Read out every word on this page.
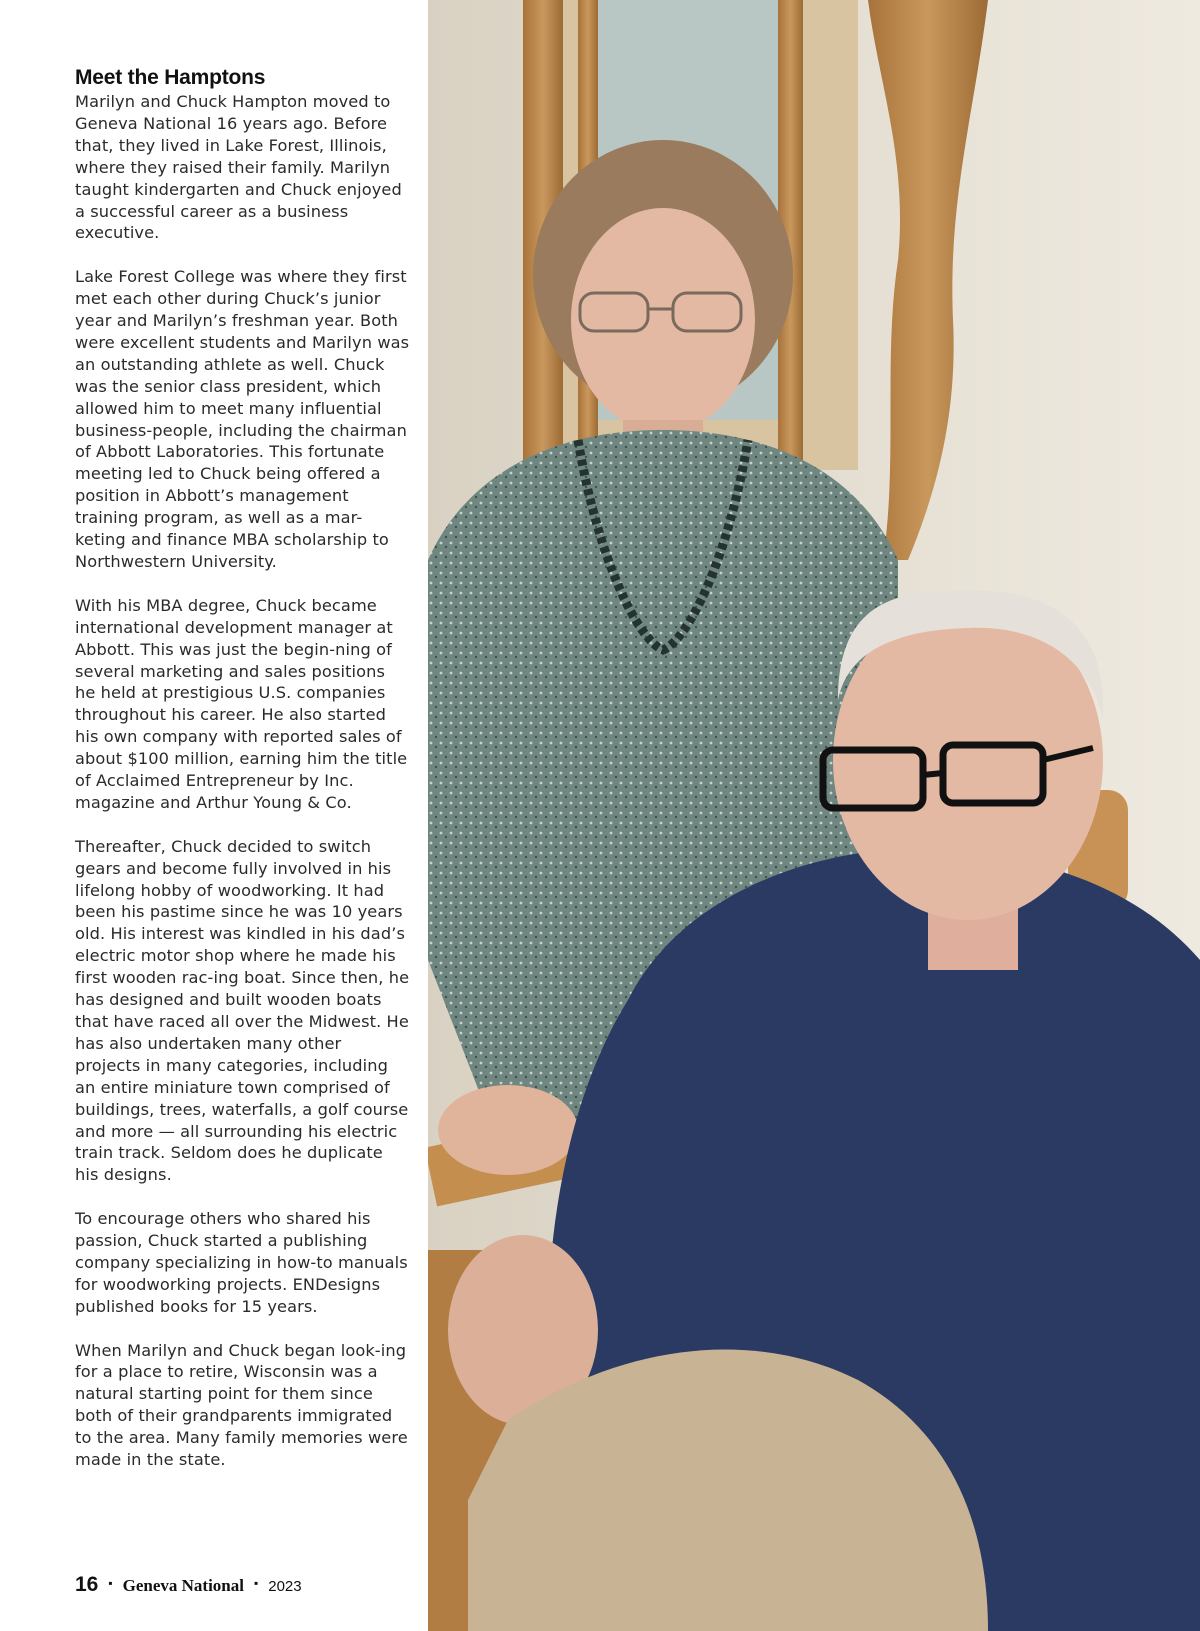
Meet the Hamptons

Marilyn and Chuck Hampton moved to Geneva National 16 years ago. Before that, they lived in Lake Forest, Illinois, where they raised their family. Marilyn taught kindergarten and Chuck enjoyed a successful career as a business executive.

Lake Forest College was where they first met each other during Chuck’s junior year and Marilyn’s freshman year. Both were excellent students and Marilyn was an outstanding athlete as well. Chuck was the senior class president, which allowed him to meet many influential business-people, including the chairman of Abbott Laboratories. This fortunate meeting led to Chuck being offered a position in Abbott’s management training program, as well as a mar-keting and finance MBA scholarship to Northwestern University.

With his MBA degree, Chuck became international development manager at Abbott. This was just the begin-ning of several marketing and sales positions he held at prestigious U.S. companies throughout his career. He also started his own company with reported sales of about $100 million, earning him the title of Acclaimed Entrepreneur by Inc. magazine and Arthur Young & Co.

Thereafter, Chuck decided to switch gears and become fully involved in his lifelong hobby of woodworking. It had been his pastime since he was 10 years old. His interest was kindled in his dad’s electric motor shop where he made his first wooden rac-ing boat. Since then, he has designed and built wooden boats that have raced all over the Midwest. He has also undertaken many other projects in many categories, including an entire miniature town comprised of buildings, trees, waterfalls, a golf course and more — all surrounding his electric train track. Seldom does he duplicate his designs.

To encourage others who shared his passion, Chuck started a publishing company specializing in how-to manuals for woodworking projects. ENDesigns published books for 15 years.

When Marilyn and Chuck began look-ing for a place to retire, Wisconsin was a natural starting point for them since both of their grandparents immigrated to the area. Many family memories were made in the state.

16 ▪ Geneva National ▪ 2023
